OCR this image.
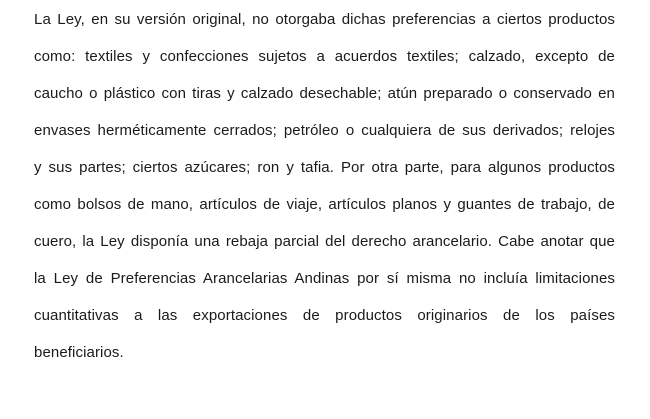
La Ley, en su versión original, no otorgaba dichas preferencias a ciertos productos
como: textiles y confecciones sujetos a acuerdos textiles; calzado, excepto de
caucho o plástico con tiras y calzado desechable; atún preparado o conservado en
envases herméticamente cerrados; petróleo o cualquiera de sus derivados; relojes
y sus partes; ciertos azúcares; ron y tafia. Por otra parte, para algunos productos
como bolsos de mano, artículos de viaje, artículos planos y guantes de trabajo, de
cuero, la Ley disponía una rebaja parcial del derecho arancelario. Cabe anotar que
la Ley de Preferencias Arancelarias Andinas por sí misma no incluía limitaciones
cuantitativas a las exportaciones de productos originarios de los países
beneficiarios.
